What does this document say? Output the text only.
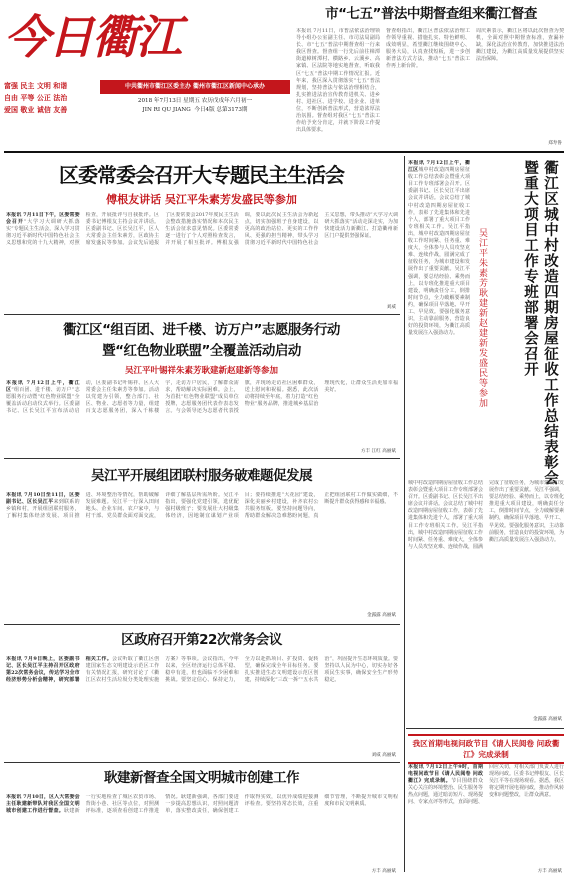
今日衢江
富强 民主 文明 和谐
自由 平等 公正 法治
爱国 敬业 诚信 友善
中共衢州市衢江区委主办 衢州市衢江区新闻中心承办
2018 年7月13日 星期五 农历戊戌年六月初一
JIN RI QU JIANG 今日4版 总第3173期
市“七五”普法中期督查组来衢江督查
本报讯 7月11日，市普法依法治理领导小组办公室副主任、市司法局副局长、市“七五”普法中期督查组一行来我区督查。督查组一行先后前往樟潭街道樟树潭村、横路乡、云溪乡、高家镇、区法院等地实地督查，听取我区“七五”普法中期工作情况汇报。近年来，我区深入贯彻落实“七五”普法规划，坚持普法与依法治理相结合，扎实推进法治宣传教育进机关、进乡村、进社区、进学校、进企业、进单位，不断创新普法形式，营造浓厚法治氛围。督查组对我区“七五”普法工作给予充分肯定，并就下阶段工作提出具体要求。
督查组指出，衢江区普法依法治理工作领导重视、措施扎实、特色鲜明、成效明显，希望衢江继续围绕中心、服务大局，认真查找短板，进一步创新普法方式方法，推动“七五”普法工作再上新台阶。
周庆素表示，衢江区将以此次督查为契机，全面对照中期督查标准，查漏补缺，深化法治宣传教育，加快推进法治衢江建设，为衢江高质量发展提供坚实法治保障。
郑寿鲁
区委常委会召开大专题民主生活会
傅根友讲话 吴江平朱素芳发盛民等参加
本报讯 7月11日下午，区委常委会召开“大学习大调研大抓落实”专题民主生活会，深入学习贯彻习近平新时代中国特色社会主义思想和党的十九大精神，对照检查，开展批评与自我批评。区委书记傅根友主持会议并讲话。区委副书记、区长吴江平，区人大常委会主任朱素芳，区政协主席发盛民等参加。会议先后通报了区委常委会2017年度民主生活会整改措施落实情况和本次民主生活会征求意见情况。区委常委逐一进行了个人对照检查发言，并开展了相互批评。傅根友强调，要以此次民主生活会为新起点，切实加强班子自身建设，以更高的政治站位、更实的工作作风、更强的担当精神，带头学习贯彻习近平新时代中国特色社会主义思想，带头推动“大学习大调研大抓落实”活动走深走实，为加快建设活力新衢江、打造衢州新区门户提供坚强保证。
刘威
衢江区“组百团、进千楼、访万户”志愿服务行动
暨“红色物业联盟”全覆盖活动启动
吴江平叶锡祥朱素芳耿建新赵建新等参加
本报讯 7月12日上午，衢江区“组百团、进千楼、访万户”志愿服务行动暨“红色物业联盟”全覆盖活动启动仪式举行。区委副书记、区长吴江平宣布活动启动，区委副书记叶锡祥、区人大常委会主任朱素芳等参加。活动以党建为引领，整合部门、社区、物业、志愿者等力量，组建百支志愿服务团，深入千栋楼宇，走访万户居民，了解群众需求，帮助解决实际困难。会上，为首批“红色物业联盟”成员单位授牌，志愿服务团代表作表态发言。与会领导还为志愿者代表授旗，并现场走访社区困难群众，送上慰问和祝福。据悉，此次活动将持续至年底，着力打造“红色物业”服务品牌，推进城乡基层治理现代化，让群众生活更加幸福美好。
方丰 江红 高丽斌
吴江平开展组团联村服务破难题促发展
本报讯 7月10日至11日，区委副书记、区长吴江平来到联系的乡镇和村，开展组团联村服务，了解村集体经济发展、项目推进、环境整治等情况，帮助破解发展难题。吴江平一行深入田间地头、企业车间、农户家中，与村干部、党员群众面对面交流，详细了解基层所需所盼。吴江平指出，要强化党建引领，选优配强村级班子；要发展壮大村级集体经济，因地制宜谋划产业项目；要持续推进“大花园”建设，深化美丽乡村建设，补齐农村公共服务短板。要坚持问题导向，帮助群众解决急难愁盼问题，真正把组团联村工作做实做细，不断提升群众获得感和幸福感。
金露露 高丽斌
区政府召开第22次常务会议
本报讯 7月9日晚上，区委副书记、区长吴江平主持召开区政府第22次常务会议，传达学习全市经济形势分析会精神，研究部署相关工作。会议听取了衢江区创建国家生态文明建设示范区工作有关情况汇报，研究讨论了《衢江区农村生活垃圾分类处理实施方案》等事项。会议指出，今年以来，全区经济运行总体平稳、稳中有进，但也面临不少困难和挑战。要坚定信心、保持定力，全力以赴抓项目、扩投资、促转型，确保完成全年目标任务。要扎实推进生态文明建设示范区创建，持续深化“三改一拆”“五水共治”，巩固提升生态环境质量。要坚持以人民为中心，切实办好各项民生实事，确保安全生产形势稳定。
刘威 高丽斌
耿建新督查全国文明城市创建工作
本报讯 7月10日，区人大常委会主任耿建新带队对我区全国文明城市创建工作进行督查。耿建新一行实地检查了城区农贸市场、背街小巷、社区等点位，对照测评标准，逐项查看创建工作推进情况。耿建新强调，各部门要进一步提高思想认识，对照问题清单，落实整改责任，确保创建工作取得实效，以优异成绩迎接测评检查。要坚持常态长效，注重细节管理，不断提升城市文明程度和市民文明素质。
方丰 高丽斌
本报讯 7月12日上午，衢江区城中村改造四期房屋征收工作总结表彰会暨重大项目工作专班部署会召开。区委副书记、区长吴江平出席会议并讲话。会议总结了城中村改造四期房屋征收工作，表彰了先进集体和先进个人，部署了重大项目工作专班相关工作。吴江平指出，城中村改造四期房屋征收工作时间紧、任务重、难度大，全体参与人员攻坚克难、连续作战，圆满完成了征收任务，为城市建设和发展作出了重要贡献。吴江平强调，要总结经验、乘势而上，以专班化推进重大项目建设，明确责任分工，倒排时间节点，全力破解要素制约，确保项目早落地、早开工、早见效。要强化服务意识，主动靠前服务，营造良好的投资环境，为衢江高质量发展注入强劲动力。	衢江区城中村改造四期房屋征收工作总结表彰会暨重大项目工作专班部署会召开
吴江平朱素芳耿建新赵建新发盛民等参加
城中村改造四期房屋征收工作总结表彰会暨重大项目工作专班部署会召开。区委副书记、区长吴江平出席会议并讲话。会议总结了城中村改造四期房屋征收工作，表彰了先进集体和先进个人，部署了重大项目工作专班相关工作。吴江平指出，城中村改造四期房屋征收工作时间紧、任务重、难度大，全体参与人员攻坚克难、连续作战，圆满完成了征收任务，为城市建设和发展作出了重要贡献。吴江平强调，要总结经验、乘势而上，以专班化推进重大项目建设，明确责任分工，倒排时间节点，全力破解要素制约，确保项目早落地、早开工、早见效。要强化服务意识，主动靠前服务，营造良好的投资环境，为衢江高质量发展注入强劲动力。
金露露 高丽斌
我区首期电视问政节目《请人民阅卷 问政衢江》完成录制
本报讯 7月12日上午9时，首期电视问政节目《请人民阅卷 问政衢江》完成录制。节目围绕群众关心关注的环境整治、民生服务等热点问题，通过暗访短片、现场提问、专家点评等形式，直面问题、回应关切，对相关部门负责人进行现场问政。区委书记傅根友、区长吴江平等在现场观看。据悉，我区将定期开展电视问政，推动作风转变和问题整改，让群众满意。
方丰 高丽斌
